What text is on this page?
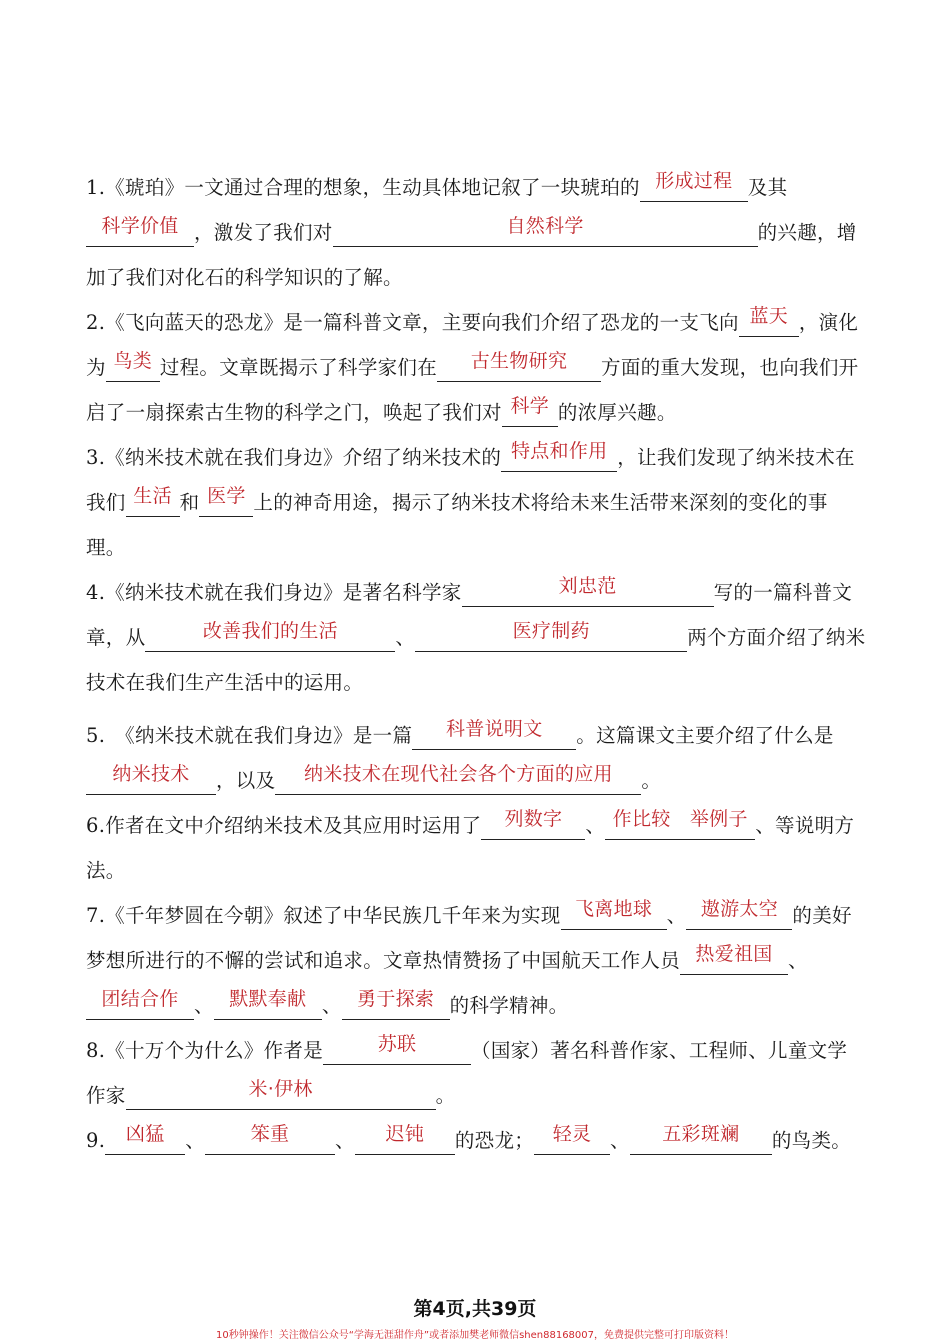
1.《琥珀》一文通过合理的想象，生动具体地记叙了一块琥珀的 形成过程 及其科学价值 ，激发了我们对	自然科学	的兴趣，增加了我们对化石的科学知识的了解。

2.《飞向蓝天的恐龙》是一篇科普文章，主要向我们介绍了恐龙的一支飞向 蓝天 ，演化为 鸟类 过程。文章既揭示了科学家们在 古生物研究 方面的重大发现，也向我们开启了一扇探索古生物的科学之门，唤起了我们对 科学 的浓厚兴趣。

3.《纳米技术就在我们身边》介绍了纳米技术的 特点和作用 ，让我们发现了纳米技术在我们 生活 和 医学 上的神奇用途，揭示了纳米技术将给未来生活带来深刻的变化的事理。

4.《纳米技术就在我们身边》是著名科学家	刘忠范	写的一篇科普文章，从	改善我们的生活	、	医疗制药	两个方面介绍了纳米技术在我们生产生活中的运用。

5.　《纳米技术就在我们身边》是一篇 科普说明文 。这篇课文主要介绍了什么是纳米技术 ，以及 纳米技术在现代社会各个方面的应用 。

6.作者在文中介绍纳米技术及其应用时运用了 列数字 、 作比较　举例子 、等说明方法。

7.《千年梦圆在今朝》叙述了中华民族几千年来为实现 飞离地球 、 遨游太空 的美好梦想所进行的不懈的尝试和追求。文章热情赞扬了中国航天工作人员 热爱祖国 、团结合作 、 默默奉献 、 勇于探索 的科学精神。

8.《十万个为什么》作者是	苏联	（国家）著名科普作家、工程师、儿童文学作家	米·伊林	。

9. 凶猛 、 笨重 、 迟钝 的恐龙； 轻灵 、 五彩斑斓 的鸟类。

第4页,共39页
10秒钟操作！关注微信公众号“学海无涯甜作舟”或者添加樊老师微信shen88168007，免费提供完整可打印版资料！
